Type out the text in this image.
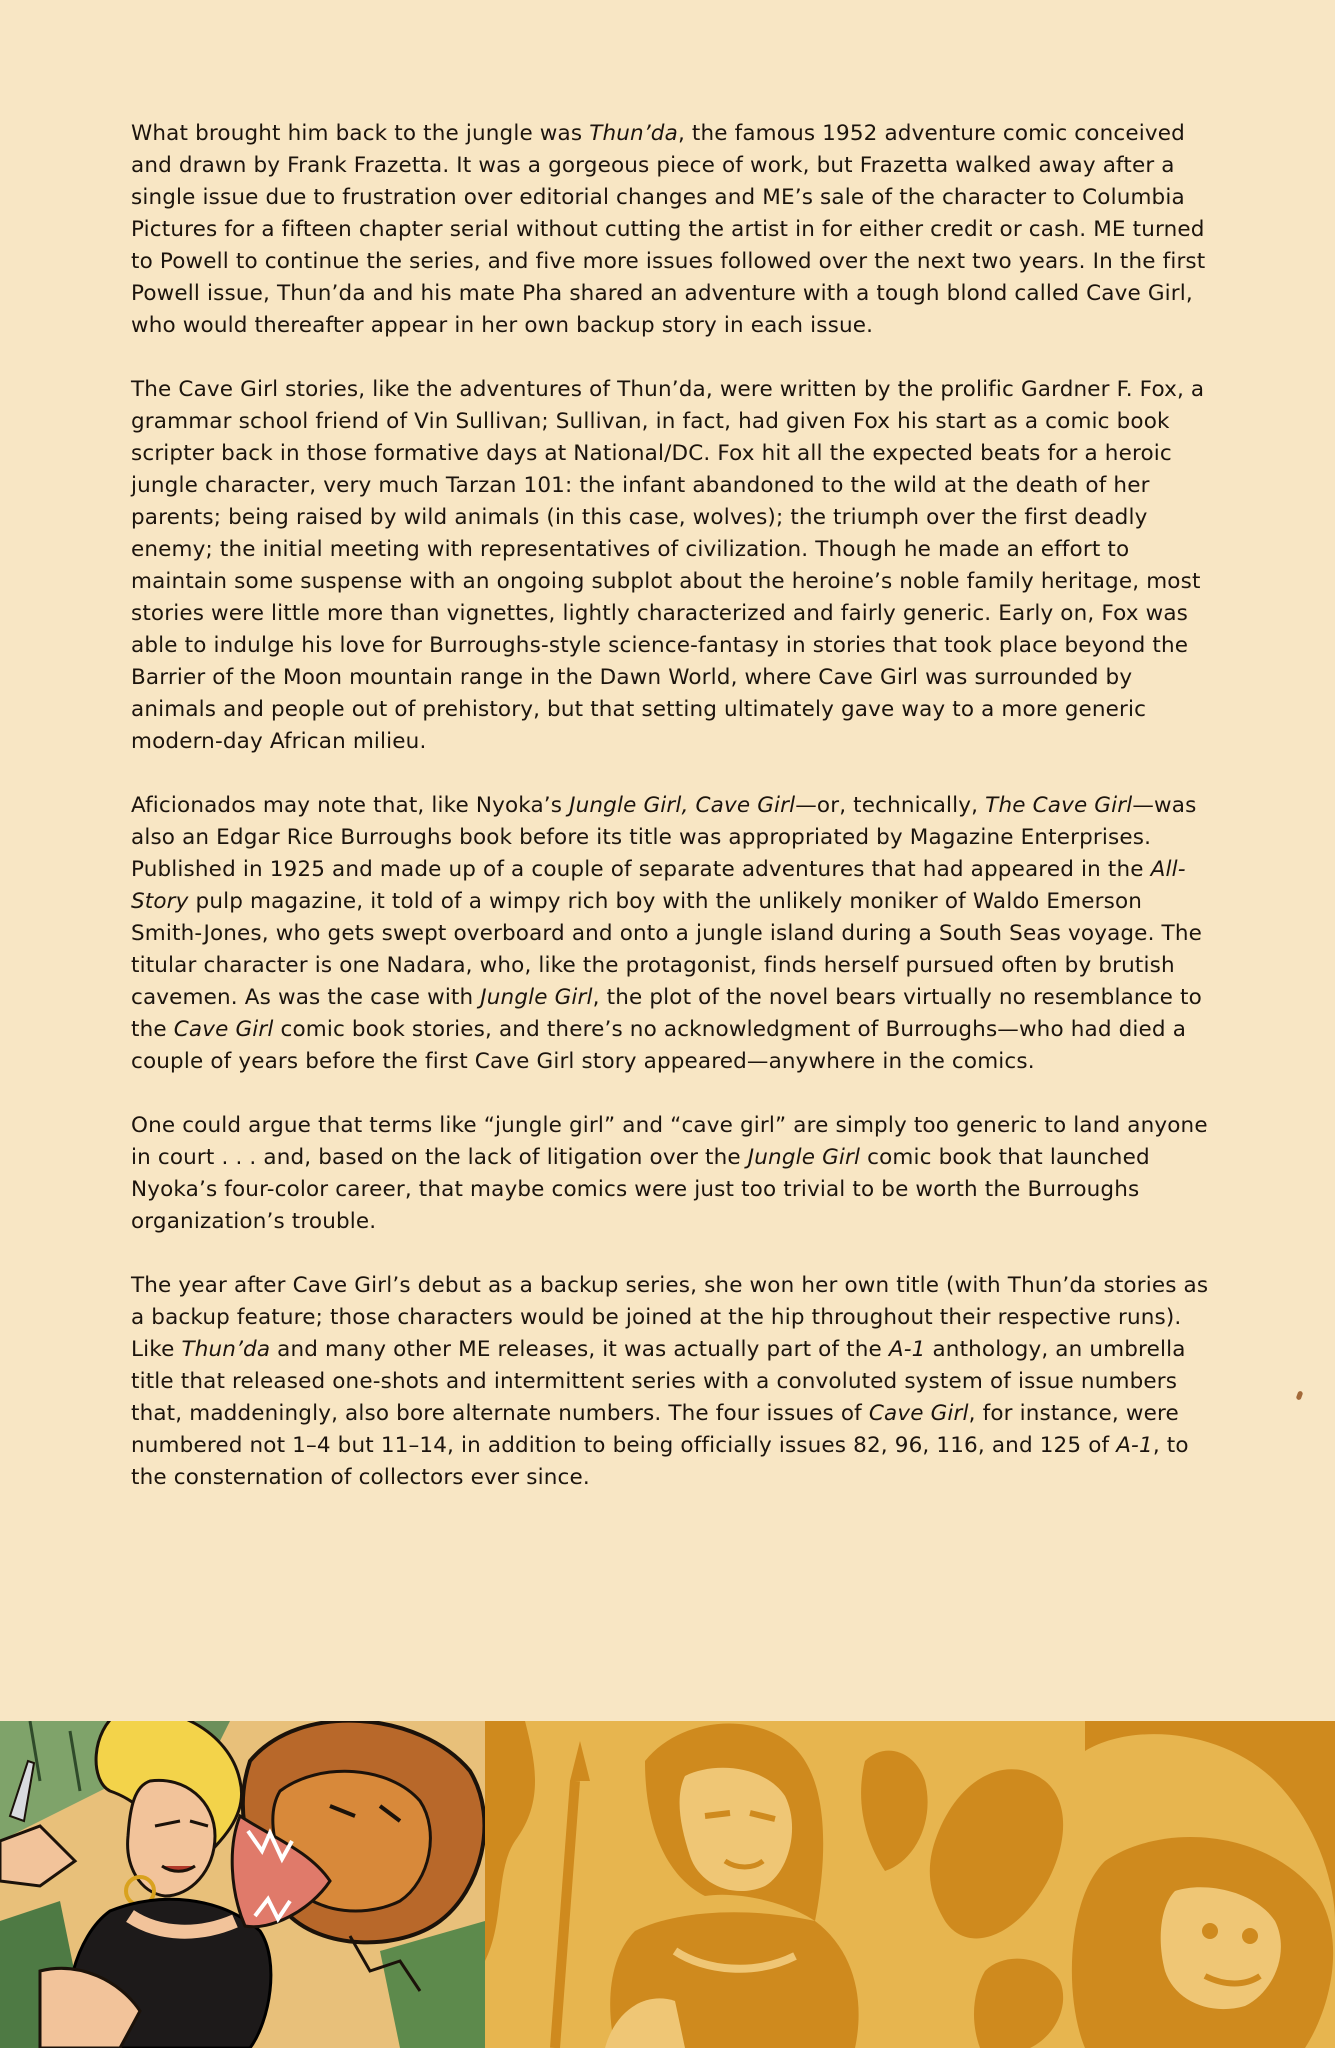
What brought him back to the jungle was Thun’da, the famous 1952 adventure comic conceived and drawn by Frank Frazetta. It was a gorgeous piece of work, but Frazetta walked away after a single issue due to frustration over editorial changes and ME’s sale of the character to Columbia Pictures for a fifteen chapter serial without cutting the artist in for either credit or cash. ME turned to Powell to continue the series, and five more issues followed over the next two years. In the first Powell issue, Thun’da and his mate Pha shared an adventure with a tough blond called Cave Girl, who would thereafter appear in her own backup story in each issue.

The Cave Girl stories, like the adventures of Thun’da, were written by the prolific Gardner F. Fox, a grammar school friend of Vin Sullivan; Sullivan, in fact, had given Fox his start as a comic book scripter back in those formative days at National/DC. Fox hit all the expected beats for a heroic jungle character, very much Tarzan 101: the infant abandoned to the wild at the death of her parents; being raised by wild animals (in this case, wolves); the triumph over the first deadly enemy; the initial meeting with representatives of civilization. Though he made an effort to maintain some suspense with an ongoing subplot about the heroine’s noble family heritage, most stories were little more than vignettes, lightly characterized and fairly generic. Early on, Fox was able to indulge his love for Burroughs-style science-fantasy in stories that took place beyond the Barrier of the Moon mountain range in the Dawn World, where Cave Girl was surrounded by animals and people out of prehistory, but that setting ultimately gave way to a more generic modern-day African milieu.

Aficionados may note that, like Nyoka’s Jungle Girl, Cave Girl—or, technically, The Cave Girl—was also an Edgar Rice Burroughs book before its title was appropriated by Magazine Enterprises. Published in 1925 and made up of a couple of separate adventures that had appeared in the All-Story pulp magazine, it told of a wimpy rich boy with the unlikely moniker of Waldo Emerson Smith-Jones, who gets swept overboard and onto a jungle island during a South Seas voyage. The titular character is one Nadara, who, like the protagonist, finds herself pursued often by brutish cavemen. As was the case with Jungle Girl, the plot of the novel bears virtually no resemblance to the Cave Girl comic book stories, and there’s no acknowledgment of Burroughs—who had died a couple of years before the first Cave Girl story appeared—anywhere in the comics.

One could argue that terms like “jungle girl” and “cave girl” are simply too generic to land anyone in court . . . and, based on the lack of litigation over the Jungle Girl comic book that launched Nyoka’s four-color career, that maybe comics were just too trivial to be worth the Burroughs organization’s trouble.

The year after Cave Girl’s debut as a backup series, she won her own title (with Thun’da stories as a backup feature; those characters would be joined at the hip throughout their respective runs). Like Thun’da and many other ME releases, it was actually part of the A-1 anthology, an umbrella title that released one-shots and intermittent series with a convoluted system of issue numbers that, maddeningly, also bore alternate numbers. The four issues of Cave Girl, for instance, were numbered not 1–4 but 11–14, in addition to being officially issues 82, 96, 116, and 125 of A-1, to the consternation of collectors ever since.
